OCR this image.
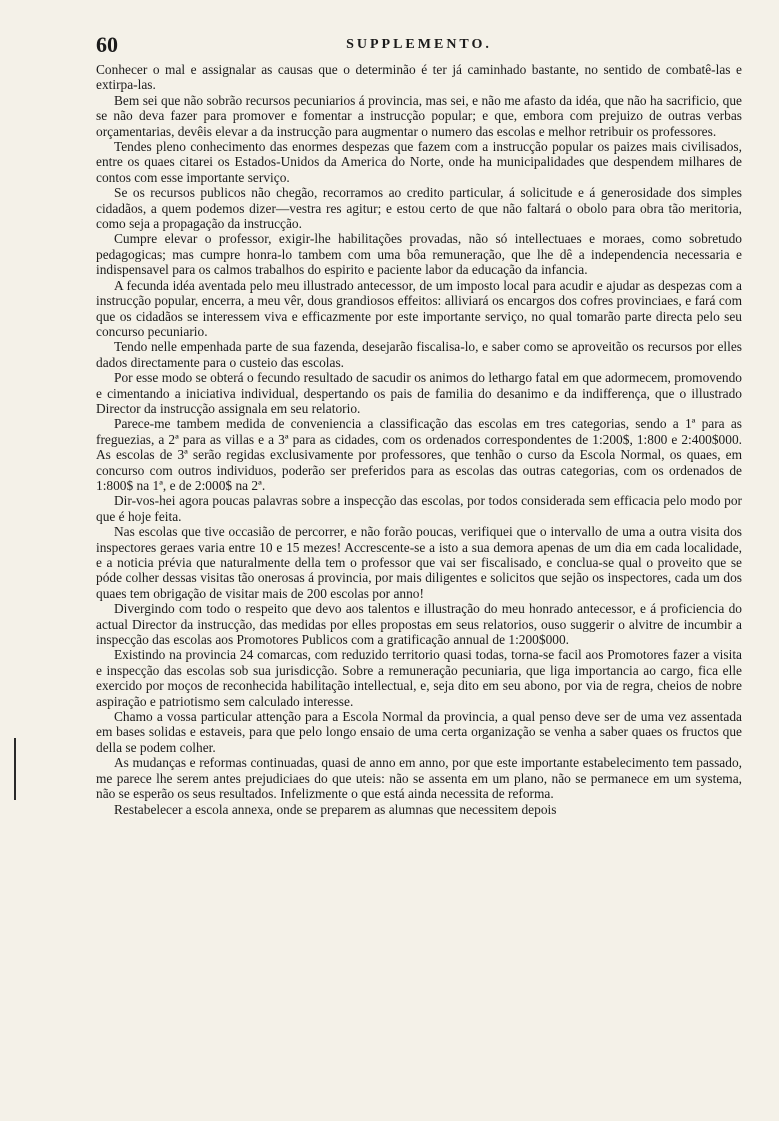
60	SUPPLEMENTO.

Conhecer o mal e assignalar as causas que o determinão é ter já caminhado bastante, no sentido de combatê-las e extirpa-las.

Bem sei que não sobrão recursos pecuniarios á provincia, mas sei, e não me afasto da idéa, que não ha sacrificio, que se não deva fazer para promover e fomentar a instrucção popular; e que, embora com prejuizo de outras verbas orçamentarias, devêis elevar a da instrucção para augmentar o numero das escolas e melhor retribuir os professores.

Tendes pleno conhecimento das enormes despezas que fazem com a instrucção popular os paizes mais civilisados, entre os quaes citarei os Estados-Unidos da America do Norte, onde ha municipalidades que despendem milhares de contos com esse importante serviço.

Se os recursos publicos não chegão, recorramos ao credito particular, á solicitude e á generosidade dos simples cidadãos, a quem podemos dizer—vestra res agitur; e estou certo de que não faltará o obolo para obra tão meritoria, como seja a propagação da instrucção.

Cumpre elevar o professor, exigir-lhe habilitações provadas, não só intellectuaes e moraes, como sobretudo pedagogicas; mas cumpre honra-lo tambem com uma bôa remuneração, que lhe dê a independencia necessaria e indispensavel para os calmos trabalhos do espirito e paciente labor da educação da infancia.

A fecunda idéa aventada pelo meu illustrado antecessor, de um imposto local para acudir e ajudar as despezas com a instrucção popular, encerra, a meu vêr, dous grandiosos effeitos: alliviará os encargos dos cofres provinciaes, e fará com que os cidadãos se interessem viva e efficazmente por este importante serviço, no qual tomarão parte directa pelo seu concurso pecuniario.

Tendo nelle empenhada parte de sua fazenda, desejarão fiscalisa-lo, e saber como se aproveitão os recursos por elles dados directamente para o custeio das escolas.

Por esse modo se obterá o fecundo resultado de sacudir os animos do lethargo fatal em que adormecem, promovendo e cimentando a iniciativa individual, despertando os pais de familia do desanimo e da indifferença, que o illustrado Director da instrucção assignala em seu relatorio.

Parece-me tambem medida de conveniencia a classificação das escolas em tres categorias, sendo a 1ª para as freguezias, a 2ª para as villas e a 3ª para as cidades, com os ordenados correspondentes de 1:200$, 1:800 e 2:400$000. As escolas de 3ª serão regidas exclusivamente por professores, que tenhão o curso da Escola Normal, os quaes, em concurso com outros individuos, poderão ser preferidos para as escolas das outras categorias, com os ordenados de 1:800$ na 1ª, e de 2:000$ na 2ª.

Dir-vos-hei agora poucas palavras sobre a inspecção das escolas, por todos considerada sem efficacia pelo modo por que é hoje feita.

Nas escolas que tive occasião de percorrer, e não forão poucas, verifiquei que o intervallo de uma a outra visita dos inspectores geraes varia entre 10 e 15 mezes! Accrescente-se a isto a sua demora apenas de um dia em cada localidade, e a noticia prévia que naturalmente della tem o professor que vai ser fiscalisado, e conclua-se qual o proveito que se póde colher dessas visitas tão onerosas á provincia, por mais diligentes e solicitos que sejão os inspectores, cada um dos quaes tem obrigação de visitar mais de 200 escolas por anno!

Divergindo com todo o respeito que devo aos talentos e illustração do meu honrado antecessor, e á proficiencia do actual Director da instrucção, das medidas por elles propostas em seus relatorios, ouso suggerir o alvitre de incumbir a inspecção das escolas aos Promotores Publicos com a gratificação annual de 1:200$000.

Existindo na provincia 24 comarcas, com reduzido territorio quasi todas, torna-se facil aos Promotores fazer a visita e inspecção das escolas sob sua jurisdicção. Sobre a remuneração pecuniaria, que liga importancia ao cargo, fica elle exercido por moços de reconhecida habilitação intellectual, e, seja dito em seu abono, por via de regra, cheios de nobre aspiração e patriotismo sem calculado interesse.

Chamo a vossa particular attenção para a Escola Normal da provincia, a qual penso deve ser de uma vez assentada em bases solidas e estaveis, para que pelo longo ensaio de uma certa organização se venha a saber quaes os fructos que della se podem colher.

As mudanças e reformas continuadas, quasi de anno em anno, por que este importante estabelecimento tem passado, me parece lhe serem antes prejudiciaes do que uteis: não se assenta em um plano, não se permanece em um systema, não se esperão os seus resultados. Infelizmente o que está ainda necessita de reforma.

Restabelecer a escola annexa, onde se preparem as alumnas que necessitem depois
